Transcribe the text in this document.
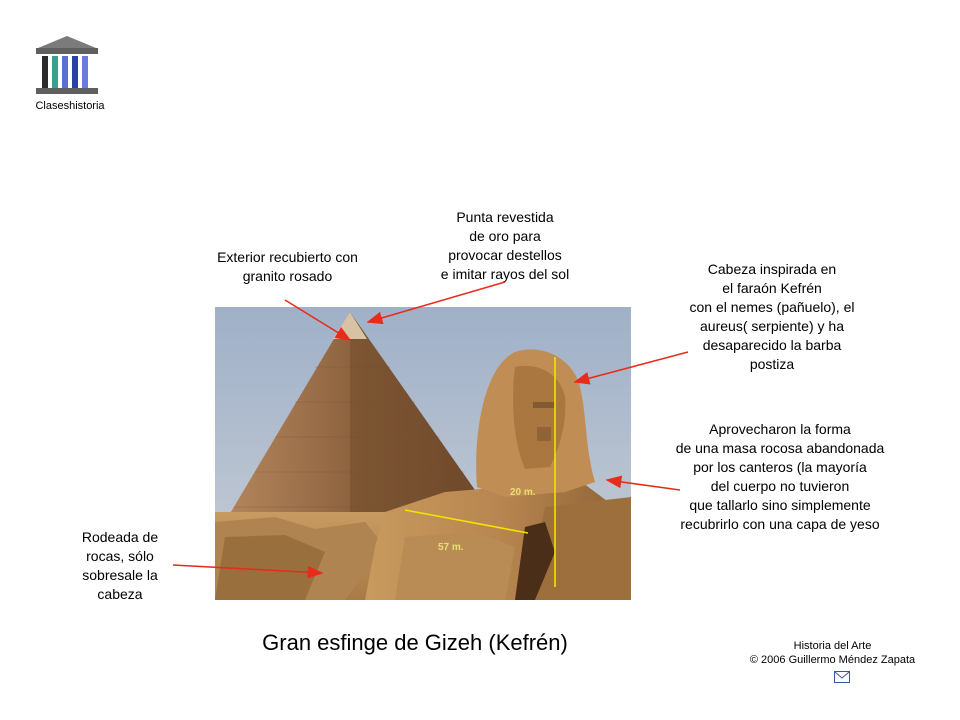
Claseshistoria
Exterior recubierto con
granito rosado
Punta revestida
de oro para
provocar destellos
e imitar rayos del sol	Cabeza inspirada en
el faraón Kefrén
con el nemes (pañuelo), el
aureus( serpiente) y ha
desaparecido la barba
postiza
Aprovecharon la forma
de una masa rocosa abandonada
por los canteros (la mayoría
del cuerpo no tuvieron
que tallarlo sino simplemente
recubrirlo con una capa de yeso
Rodeada de
rocas, sólo
sobresale la
cabeza
20 m.
57 m.
Gran esfinge de Gizeh (Kefrén)	Historia del Arte
© 2006 Guillermo Méndez Zapata
